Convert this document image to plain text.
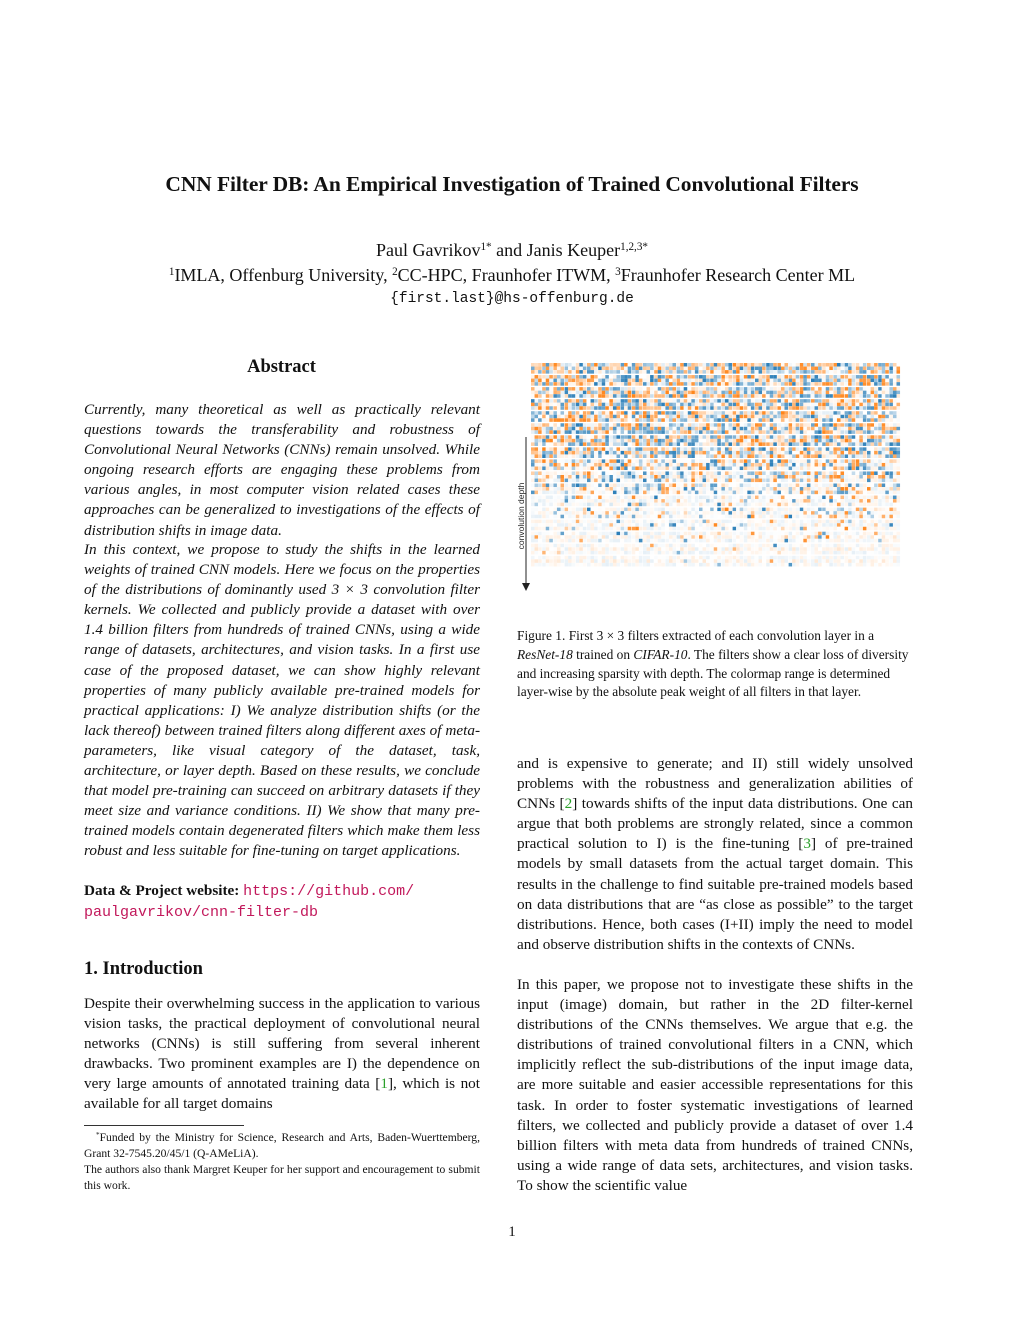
CNN Filter DB: An Empirical Investigation of Trained Convolutional Filters
Paul Gavrikov$^{1*}$ and Janis Keuper$^{1,2,3*}$
$^1$IMLA, Offenburg University, $^2$CC-HPC, Fraunhofer ITWM, $^3$Fraunhofer Research Center ML
{first.last}@hs-offenburg.de
Abstract

Currently, many theoretical as well as practically relevant questions towards the transferability and robustness of Convolutional Neural Networks (CNNs) remain unsolved. While ongoing research efforts are engaging these problems from various angles, in most computer vision related cases these approaches can be generalized to investigations of the effects of distribution shifts in image data.

In this context, we propose to study the shifts in the learned weights of trained CNN models. Here we focus on the properties of the distributions of dominantly used 3 × 3 convolution filter kernels. We collected and publicly provide a dataset with over 1.4 billion filters from hundreds of trained CNNs, using a wide range of datasets, architectures, and vision tasks. In a first use case of the proposed dataset, we can show highly relevant properties of many publicly available pre-trained models for practical applications: I) We analyze distribution shifts (or the lack thereof) between trained filters along different axes of meta-parameters, like visual category of the dataset, task, architecture, or layer depth. Based on these results, we conclude that model pre-training can succeed on arbitrary datasets if they meet size and variance conditions. II) We show that many pre-trained models contain degenerated filters which make them less robust and less suitable for fine-tuning on target applications.

Data & Project website: https://github.com/
paulgavrikov/cnn-filter-db
1. Introduction

Despite their overwhelming success in the application to various vision tasks, the practical deployment of convolutional neural networks (CNNs) is still suffering from several inherent drawbacks. Two prominent examples are I) the dependence on very large amounts of annotated training data [1], which is not available for all target domains

*Funded by the Ministry for Science, Research and Arts, Baden-Wuerttemberg, Grant 32-7545.20/45/1 (Q-AMeLiA).
The authors also thank Margret Keuper for her support and encouragement to submit this work.
convolution depth

Figure 1. First 3 × 3 filters extracted of each convolution layer in a ResNet-18 trained on CIFAR-10. The filters show a clear loss of diversity and increasing sparsity with depth. The colormap range is determined layer-wise by the absolute peak weight of all filters in that layer.

and is expensive to generate; and II) still widely unsolved problems with the robustness and generalization abilities of CNNs [2] towards shifts of the input data distributions. One can argue that both problems are strongly related, since a common practical solution to I) is the fine-tuning [3] of pre-trained models by small datasets from the actual target domain. This results in the challenge to find suitable pre-trained models based on data distributions that are “as close as possible” to the target distributions. Hence, both cases (I+II) imply the need to model and observe distribution shifts in the contexts of CNNs.

In this paper, we propose not to investigate these shifts in the input (image) domain, but rather in the 2D filter-kernel distributions of the CNNs themselves. We argue that e.g. the distributions of trained convolutional filters in a CNN, which implicitly reflect the sub-distributions of the input image data, are more suitable and easier accessible representations for this task. In order to foster systematic investigations of learned filters, we collected and publicly provide a dataset of over 1.4 billion filters with meta data from hundreds of trained CNNs, using a wide range of data sets, architectures, and vision tasks. To show the scientific value

1
